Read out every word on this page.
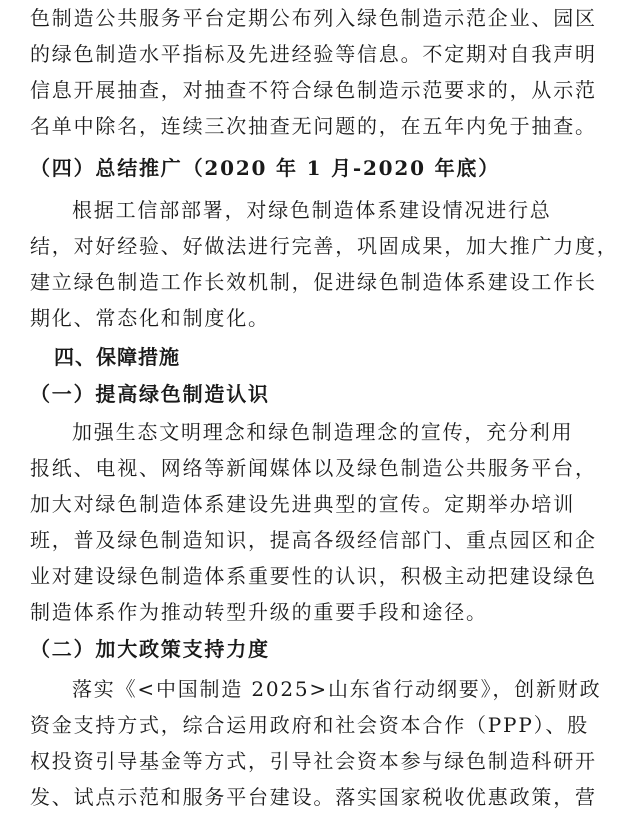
色制造公共服务平台定期公布列入绿色制造示范企业、园区
的绿色制造水平指标及先进经验等信息。不定期对自我声明
信息开展抽查，对抽查不符合绿色制造示范要求的，从示范
名单中除名，连续三次抽查无问题的，在五年内免于抽查。
（四）总结推广（2020 年 1 月-2020 年底）
根据工信部部署，对绿色制造体系建设情况进行总
结，对好经验、好做法进行完善，巩固成果，加大推广力度，
建立绿色制造工作长效机制，促进绿色制造体系建设工作长
期化、常态化和制度化。
四、保障措施
（一）提高绿色制造认识
加强生态文明理念和绿色制造理念的宣传，充分利用
报纸、电视、网络等新闻媒体以及绿色制造公共服务平台，
加大对绿色制造体系建设先进典型的宣传。定期举办培训
班，普及绿色制造知识，提高各级经信部门、重点园区和企
业对建设绿色制造体系重要性的认识，积极主动把建设绿色
制造体系作为推动转型升级的重要手段和途径。
（二）加大政策支持力度
落实《<中国制造 2025>山东省行动纲要》，创新财政
资金支持方式，综合运用政府和社会资本合作（PPP）、股
权投资引导基金等方式，引导社会资本参与绿色制造科研开
发、试点示范和服务平台建设。落实国家税收优惠政策，营
